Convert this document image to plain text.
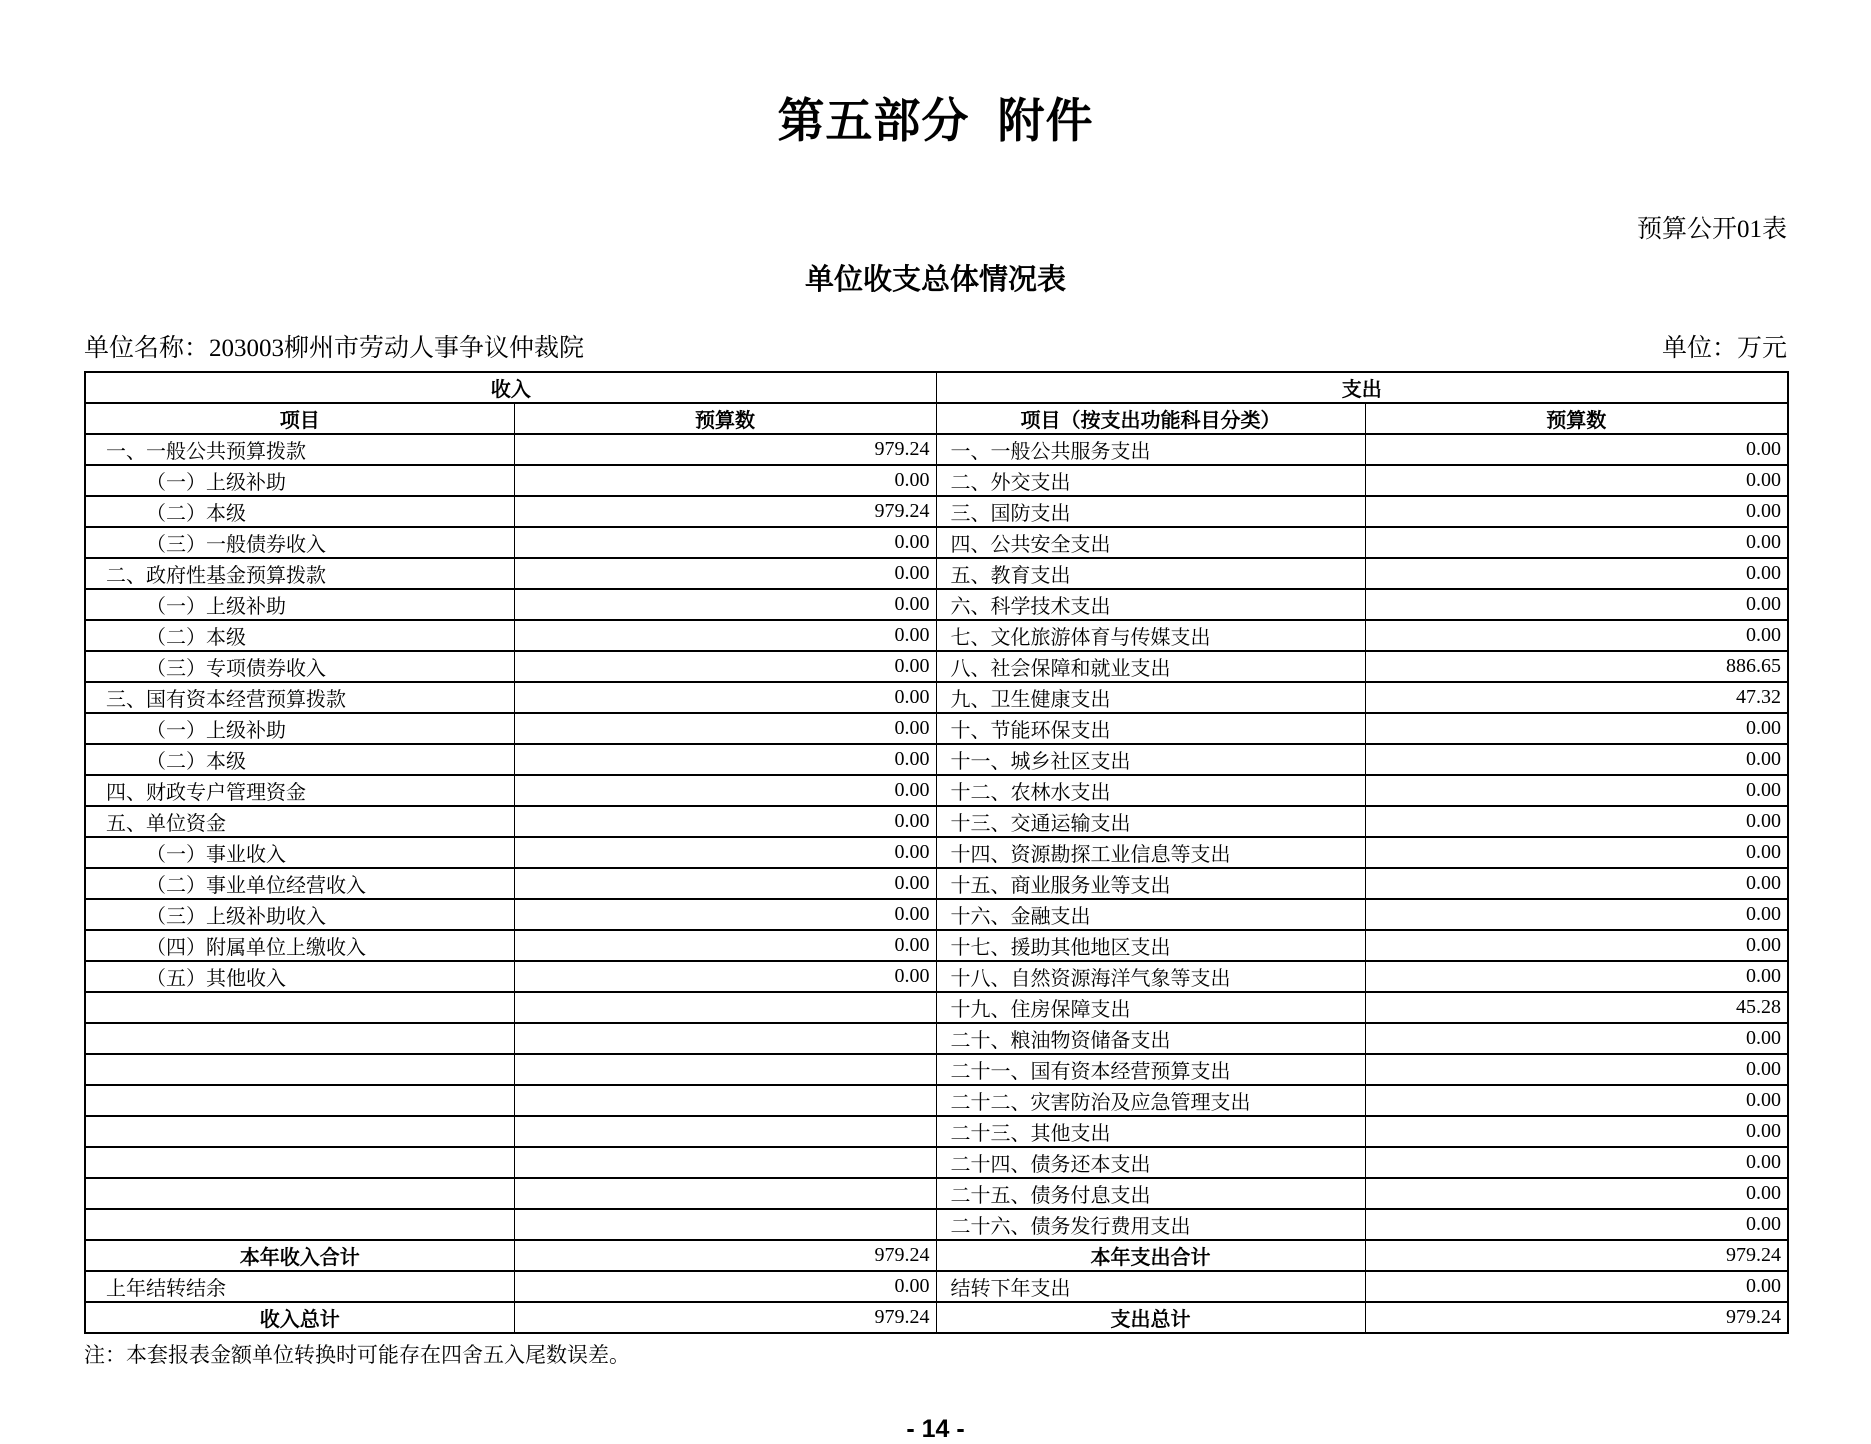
第五部分  附件
预算公开01表
单位收支总体情况表
单位名称：203003柳州市劳动人事争议仲裁院	单位：万元
收入		支出	
项目	预算数	项目（按支出功能科目分类）	预算数
一、一般公共预算拨款	979.24	一、一般公共服务支出	0.00
（一）上级补助	0.00	二、外交支出	0.00
（二）本级	979.24	三、国防支出	0.00
（三）一般债券收入	0.00	四、公共安全支出	0.00
二、政府性基金预算拨款	0.00	五、教育支出	0.00
（一）上级补助	0.00	六、科学技术支出	0.00
（二）本级	0.00	七、文化旅游体育与传媒支出	0.00
（三）专项债券收入	0.00	八、社会保障和就业支出	886.65
三、国有资本经营预算拨款	0.00	九、卫生健康支出	47.32
（一）上级补助	0.00	十、节能环保支出	0.00
（二）本级	0.00	十一、城乡社区支出	0.00
四、财政专户管理资金	0.00	十二、农林水支出	0.00
五、单位资金	0.00	十三、交通运输支出	0.00
（一）事业收入	0.00	十四、资源勘探工业信息等支出	0.00
（二）事业单位经营收入	0.00	十五、商业服务业等支出	0.00
（三）上级补助收入	0.00	十六、金融支出	0.00
（四）附属单位上缴收入	0.00	十七、援助其他地区支出	0.00
（五）其他收入	0.00	十八、自然资源海洋气象等支出	0.00
		十九、住房保障支出	45.28
		二十、粮油物资储备支出	0.00
		二十一、国有资本经营预算支出	0.00
		二十二、灾害防治及应急管理支出	0.00
		二十三、其他支出	0.00
		二十四、债务还本支出	0.00
		二十五、债务付息支出	0.00
		二十六、债务发行费用支出	0.00
本年收入合计	979.24	本年支出合计	979.24
上年结转结余	0.00	结转下年支出	0.00
收入总计	979.24	支出总计	979.24
注：本套报表金额单位转换时可能存在四舍五入尾数误差。
- 14 -
